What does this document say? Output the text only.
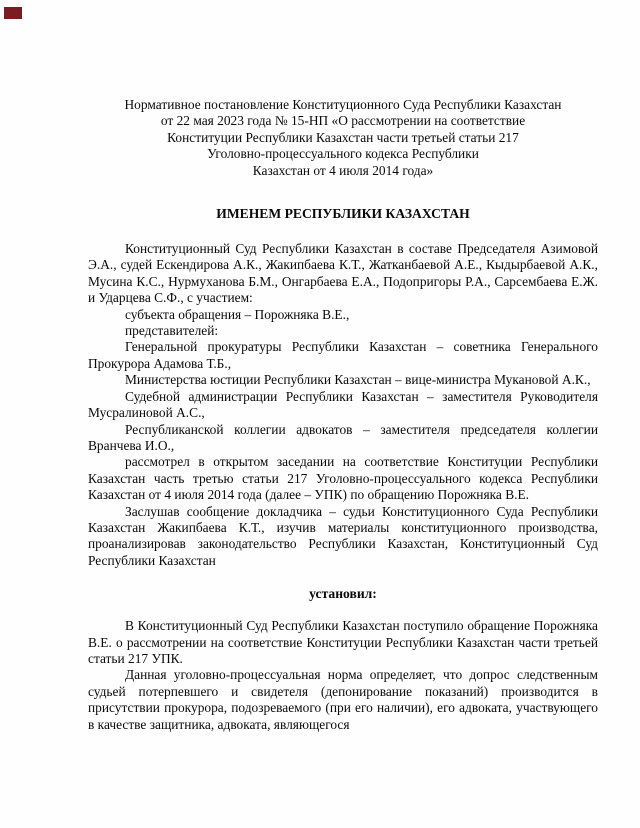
Нормативное постановление Конституционного Суда Республики Казахстан
от 22 мая 2023 года № 15-НП «О рассмотрении на соответствие
Конституции Республики Казахстан части третьей статьи 217
Уголовно-процессуального кодекса Республики
Казахстан от 4 июля 2014 года»
ИМЕНЕМ РЕСПУБЛИКИ КАЗАХСТАН

Конституционный Суд Республики Казахстан в составе Председателя Азимовой Э.А., судей Ескендирова А.К., Жакипбаева К.Т., Жатканбаевой А.Е., Кыдырбаевой А.К., Мусина К.С., Нурмуханова Б.М., Онгарбаева Е.А., Подопригоры Р.А., Сарсембаева Е.Ж. и Ударцева С.Ф., с участием:

субъекта обращения – Порожняка В.Е.,

представителей:

Генеральной прокуратуры Республики Казахстан – советника Генерального Прокурора Адамова Т.Б.,

Министерства юстиции Республики Казахстан – вице-министра Мукановой А.К.,

Судебной администрации Республики Казахстан – заместителя Руководителя Мусралиновой А.С.,

Республиканской коллегии адвокатов – заместителя председателя коллегии Вранчева И.О.,

рассмотрел в открытом заседании на соответствие Конституции Республики Казахстан часть третью статьи 217 Уголовно-процессуального кодекса Республики Казахстан от 4 июля 2014 года (далее – УПК) по обращению Порожняка В.Е.

Заслушав сообщение докладчика – судьи Конституционного Суда Республики Казахстан Жакипбаева К.Т., изучив материалы конституционного производства, проанализировав законодательство Республики Казахстан, Конституционный Суд Республики Казахстан

установил:

В Конституционный Суд Республики Казахстан поступило обращение Порожняка В.Е. о рассмотрении на соответствие Конституции Республики Казахстан части третьей статьи 217 УПК.

Данная уголовно-процессуальная норма определяет, что допрос следственным судьей потерпевшего и свидетеля (депонирование показаний) производится в присутствии прокурора, подозреваемого (при его наличии), его адвоката, участвующего в качестве защитника, адвоката, являющегося
